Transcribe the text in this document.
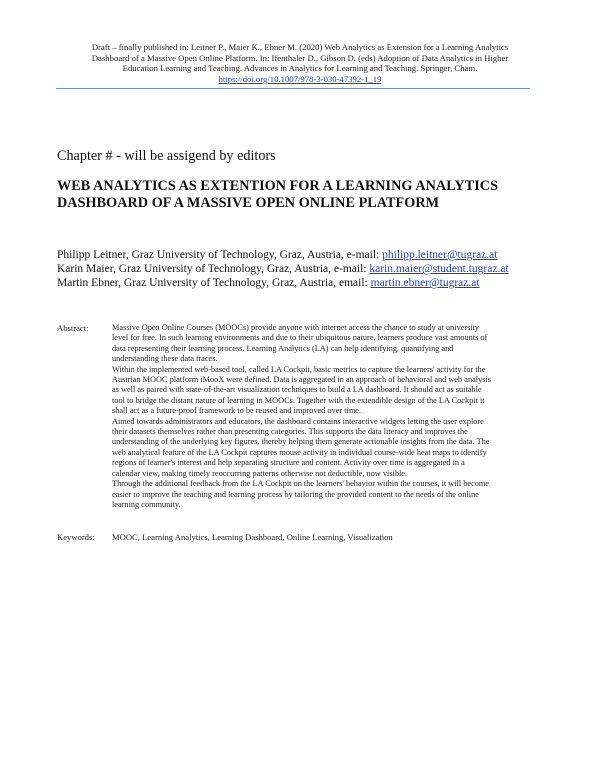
Draft – finally published in: Leitner P., Maier K., Ebner M. (2020) Web Analytics as Extension for a Learning Analytics
Dashboard of a Massive Open Online Platform. In: Ifenthaler D., Gibson D. (eds) Adoption of Data Analytics in Higher
Education Learning and Teaching. Advances in Analytics for Learning and Teaching. Springer, Cham.
https://doi.org/10.1007/978-3-030-47392-1_19
Chapter # - will be assigend by editors
WEB ANALYTICS AS EXTENTION FOR A LEARNING ANALYTICS
DASHBOARD OF A MASSIVE OPEN ONLINE PLATFORM
Philipp Leitner, Graz University of Technology, Graz, Austria, e-mail: philipp.leitner@tugraz.at
Karin Maier, Graz University of Technology, Graz, Austria, e-mail: karin.maier@student.tugraz.at
Martin Ebner, Graz University of Technology, Graz, Austria, email: martin.ebner@tugraz.at
Abstract:	Massive Open Online Courses (MOOCs) provide anyone with internet access the chance to study at university
level for free. In such learning environments and due to their ubiquitous nature, learners produce vast amounts of
data representing their learning process. Learning Analytics (LA) can help identifying, quantifying and
understanding these data traces.
Within the implemented web-based tool, called LA Cockpit, basic metrics to capture the learners' activity for the
Austrian MOOC platform iMooX were defined. Data is aggregated in an approach of behavioral and web analysis
as well as paired with state-of-the-art visualization techniques to build a LA dashboard. It should act as suitable
tool to bridge the distant nature of learning in MOOCs. Together with the extendible design of the LA Cockpit it
shall act as a future-proof framework to be reused and improved over time.
Aimed towards administrators and educators, the dashboard contains interactive widgets letting the user explore
their datasets themselves rather than presenting categories. This supports the data literacy and improves the
understanding of the underlying key figures, thereby helping them generate actionable insights from the data. The
web analytical feature of the LA Cockpit captures mouse activity in individual course-wide heat maps to identify
regions of learner's interest and help separating structure and content. Activity over time is aggregated in a
calendar view, making timely reoccurring patterns otherwise not deductible, now visible.
Through the additional feedback from the LA Cockpit on the learners' behavior within the courses, it will become
easier to improve the teaching and learning process by tailoring the provided content to the needs of the online
learning community.
Keywords: MOOC, Learning Analytics, Learning Dashboard, Online Learning, Visualization
